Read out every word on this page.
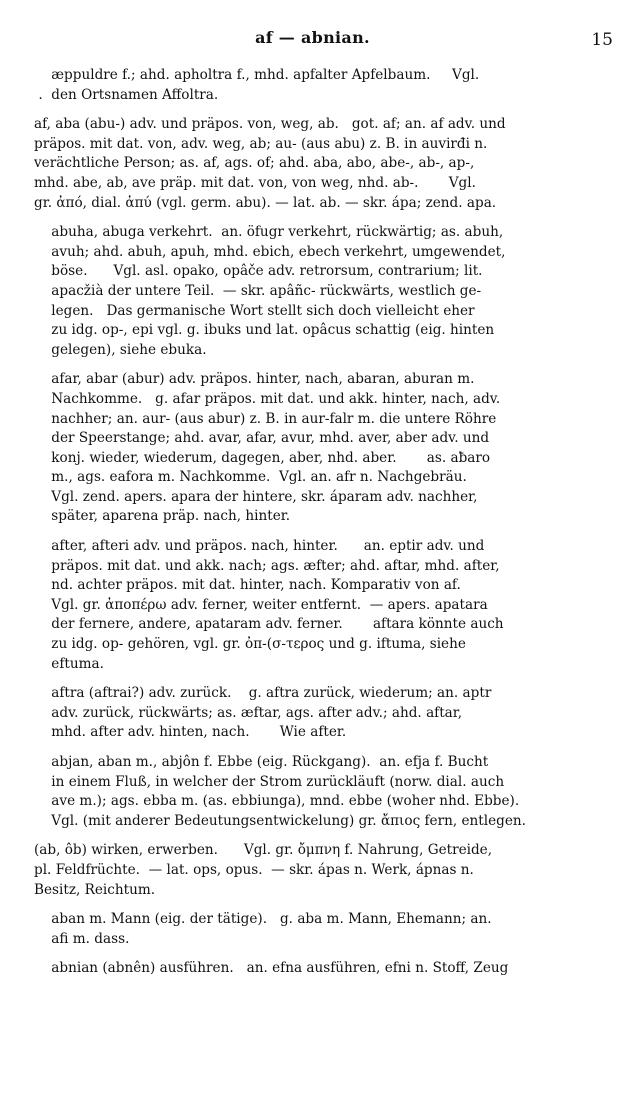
af — abnian.	15
æppuldre f.; ahd. apholtra f., mhd. apfalter Apfelbaum.     Vgl.
.  den Ortsnamen Affoltra.
af, aba (abu-) adv. und präpos. von, weg, ab.   got. af; an. af adv. und
präpos. mit dat. von, adv. weg, ab; au- (aus abu) z. B. in auvirđi n.
verächtliche Person; as. af, ags. of; ahd. aba, abo, abe-, ab-, ap-,
mhd. abe, ab, ave präp. mit dat. von, von weg, nhd. ab-.       Vgl.
gr. ἀπό, dial. ἀπύ (vgl. germ. abu). — lat. ab. — skr. ápa; zend. apa.
abuha, abuga verkehrt.  an. öfugr verkehrt, rückwärtig; as. abuh,
avuh; ahd. abuh, apuh, mhd. ebich, ebech verkehrt, umgewendet,
böse.      Vgl. asl. opako, opâče adv. retrorsum, contrarium; lit.
apacžià der untere Teil.  — skr. apâñc- rückwärts, westlich ge-
legen.   Das germanische Wort stellt sich doch vielleicht eher
zu idg. op-, epi vgl. g. ibuks und lat. opâcus schattig (eig. hinten
gelegen), siehe ebuka.
afar, abar (abur) adv. präpos. hinter, nach, abaran, aburan m.
Nachkomme.   g. afar präpos. mit dat. und akk. hinter, nach, adv.
nachher; an. aur- (aus abur) z. B. in aur-falr m. die untere Röhre
der Speerstange; ahd. avar, afar, avur, mhd. aver, aber adv. und
konj. wieder, wiederum, dagegen, aber, nhd. aber.       as. aƀaro
m., ags. eafora m. Nachkomme.  Vgl. an. afr n. Nachgebräu.
Vgl. zend. apers. apara der hintere, skr. áparam adv. nachher,
später, aparena präp. nach, hinter.
after, afteri adv. und präpos. nach, hinter.      an. eptir adv. und
präpos. mit dat. und akk. nach; ags. æfter; ahd. aftar, mhd. after,
nd. achter präpos. mit dat. hinter, nach. Komparativ von af.
Vgl. gr. ἀποπέρω adv. ferner, weiter entfernt.  — apers. apatara
der fernere, andere, apataram adv. ferner.       aftara könnte auch
zu idg. op- gehören, vgl. gr. ὀπ-(σ-τερος und g. iftuma, siehe
eftuma.
aftra (aftrai?) adv. zurück.    g. aftra zurück, wiederum; an. aptr
adv. zurück, rückwärts; as. æftar, ags. after adv.; ahd. aftar,
mhd. after adv. hinten, nach.       Wie after.
abjan, aban m., abjôn f. Ebbe (eig. Rückgang).  an. efja f. Bucht
in einem Fluß, in welcher der Strom zurückläuft (norw. dial. auch
ave m.); ags. ebba m. (as. ebbiunga), mnd. ebbe (woher nhd. Ebbe).
Vgl. (mit anderer Bedeutungsentwickelung) gr. ἄπιος fern, entlegen.
(ab, ôb) wirken, erwerben.      Vgl. gr. ὄμπνη f. Nahrung, Getreide,
pl. Feldfrüchte.  — lat. ops, opus.  — skr. ápas n. Werk, ápnas n.
Besitz, Reichtum.
aban m. Mann (eig. der tätige).   g. aba m. Mann, Ehemann; an.
afi m. dass.
abnian (abnên) ausführen.   an. efna ausführen, efni n. Stoff, Zeug
